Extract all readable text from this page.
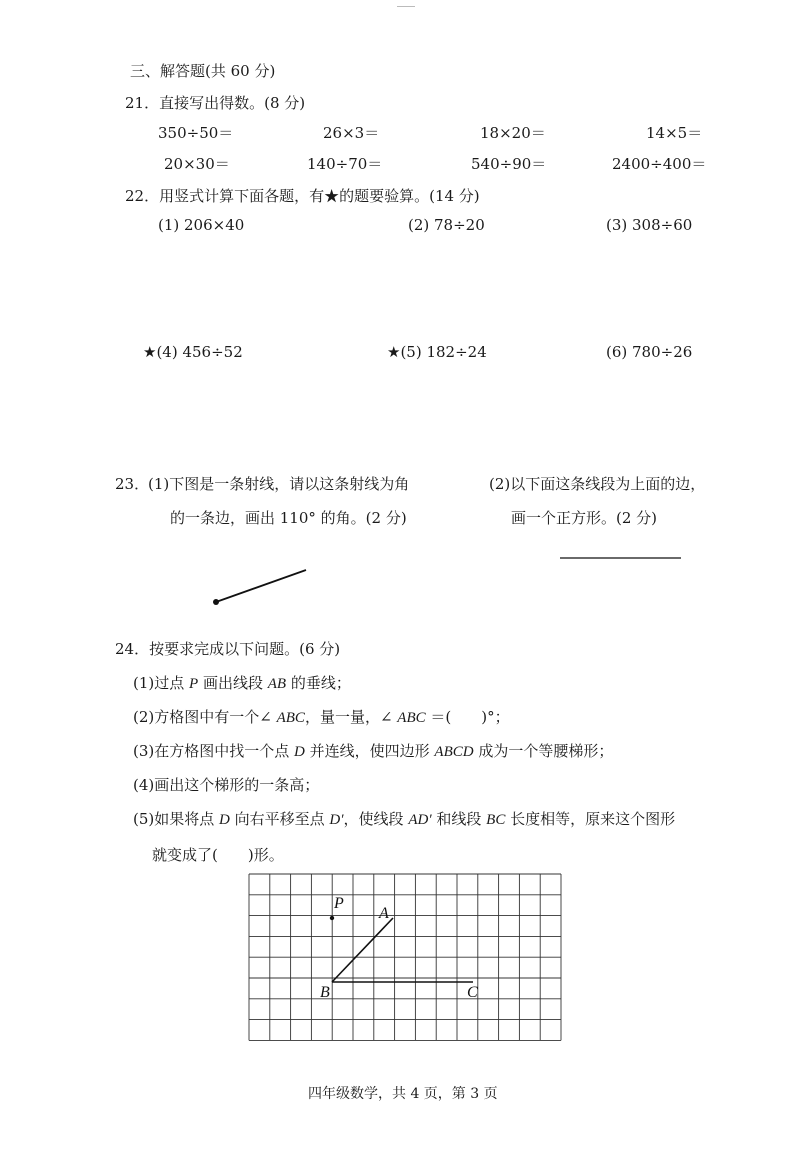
三、解答题(共 60 分)
21．直接写出得数。(8 分)
350÷50＝	26×3＝	18×20＝	14×5＝
20×30＝	140÷70＝	540÷90＝	2400÷400＝
22．用竖式计算下面各题，有★的题要验算。(14 分)
(1) 206×40	(2) 78÷20	(3) 308÷60
★(4) 456÷52	★(5) 182÷24	(6) 780÷26
23．
(1)下图是一条射线，请以这条射线为角
的一条边，画出 110° 的角。(2 分)
(2)以下面这条线段为上面的边，
画一个正方形。(2 分)
24．按要求完成以下问题。(6 分)
(1)过点 P 画出线段 AB 的垂线；
(2)方格图中有一个∠ ABC，量一量，∠ ABC ＝(　　)°；
(3)在方格图中找一个点 D 并连线，使四边形 ABCD 成为一个等腰梯形；
(4)画出这个梯形的一条高；
(5)如果将点 D 向右平移至点 D′，使线段 AD′ 和线段 BC 长度相等，原来这个图形
就变成了(　　)形。
P
A
B	C
四年级数学，共 4 页，第 3 页
